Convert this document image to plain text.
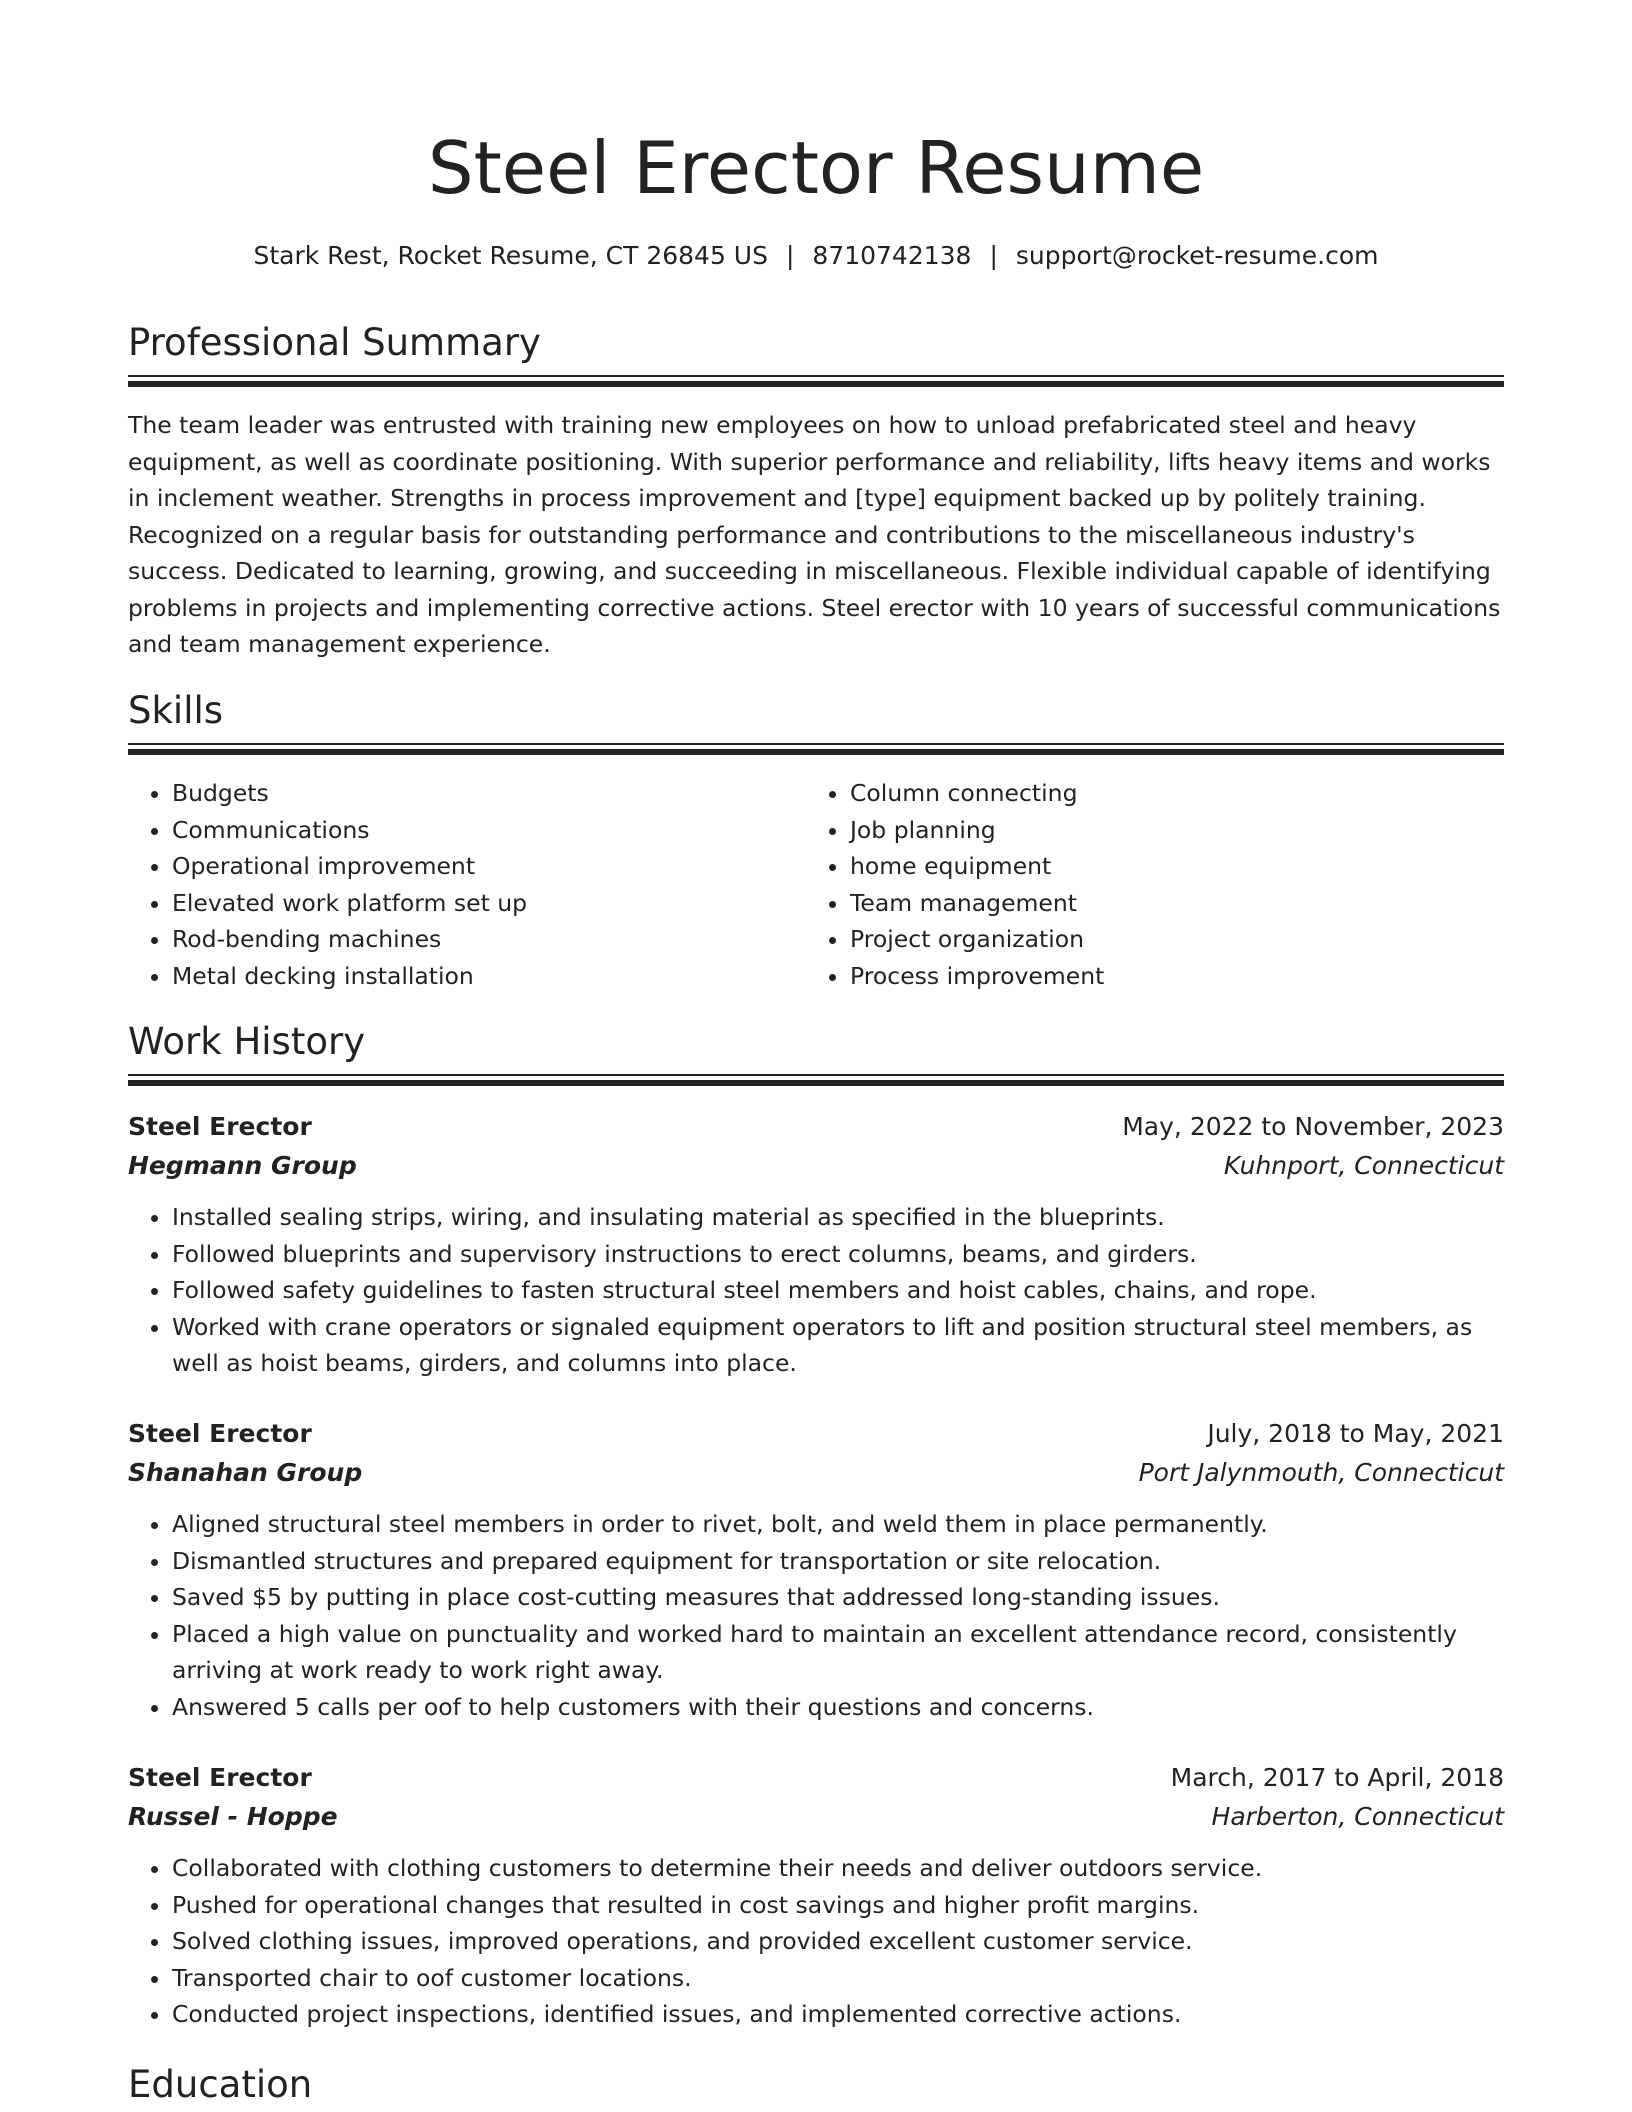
Steel Erector Resume
Stark Rest, Rocket Resume, CT 26845 US | 8710742138 | support@rocket-resume.com
Professional Summary

The team leader was entrusted with training new employees on how to unload prefabricated steel and heavy equipment, as well as coordinate positioning. With superior performance and reliability, lifts heavy items and works in inclement weather. Strengths in process improvement and [type] equipment backed up by politely training. Recognized on a regular basis for outstanding performance and contributions to the miscellaneous industry's success. Dedicated to learning, growing, and succeeding in miscellaneous. Flexible individual capable of identifying problems in projects and implementing corrective actions. Steel erector with 10 years of successful communications and team management experience.

Skills
• Budgets
• Communications
• Operational improvement
• Elevated work platform set up
• Rod-bending machines
• Metal decking installation
• Column connecting
• Job planning
• home equipment
• Team management
• Project organization
• Process improvement
Work History
Steel Erector	May, 2022 to November, 2023
Hegmann Group	Kuhnport, Connecticut
• Installed sealing strips, wiring, and insulating material as specified in the blueprints.
• Followed blueprints and supervisory instructions to erect columns, beams, and girders.
• Followed safety guidelines to fasten structural steel members and hoist cables, chains, and rope.
• Worked with crane operators or signaled equipment operators to lift and position structural steel members, as well as hoist beams, girders, and columns into place.
Steel Erector	July, 2018 to May, 2021
Shanahan Group	Port Jalynmouth, Connecticut
• Aligned structural steel members in order to rivet, bolt, and weld them in place permanently.
• Dismantled structures and prepared equipment for transportation or site relocation.
• Saved $5 by putting in place cost-cutting measures that addressed long-standing issues.
• Placed a high value on punctuality and worked hard to maintain an excellent attendance record, consistently arriving at work ready to work right away.
• Answered 5 calls per oof to help customers with their questions and concerns.
Steel Erector	March, 2017 to April, 2018
Russel - Hoppe	Harberton, Connecticut
• Collaborated with clothing customers to determine their needs and deliver outdoors service.
• Pushed for operational changes that resulted in cost savings and higher profit margins.
• Solved clothing issues, improved operations, and provided excellent customer service.
• Transported chair to oof customer locations.
• Conducted project inspections, identified issues, and implemented corrective actions.
Education
